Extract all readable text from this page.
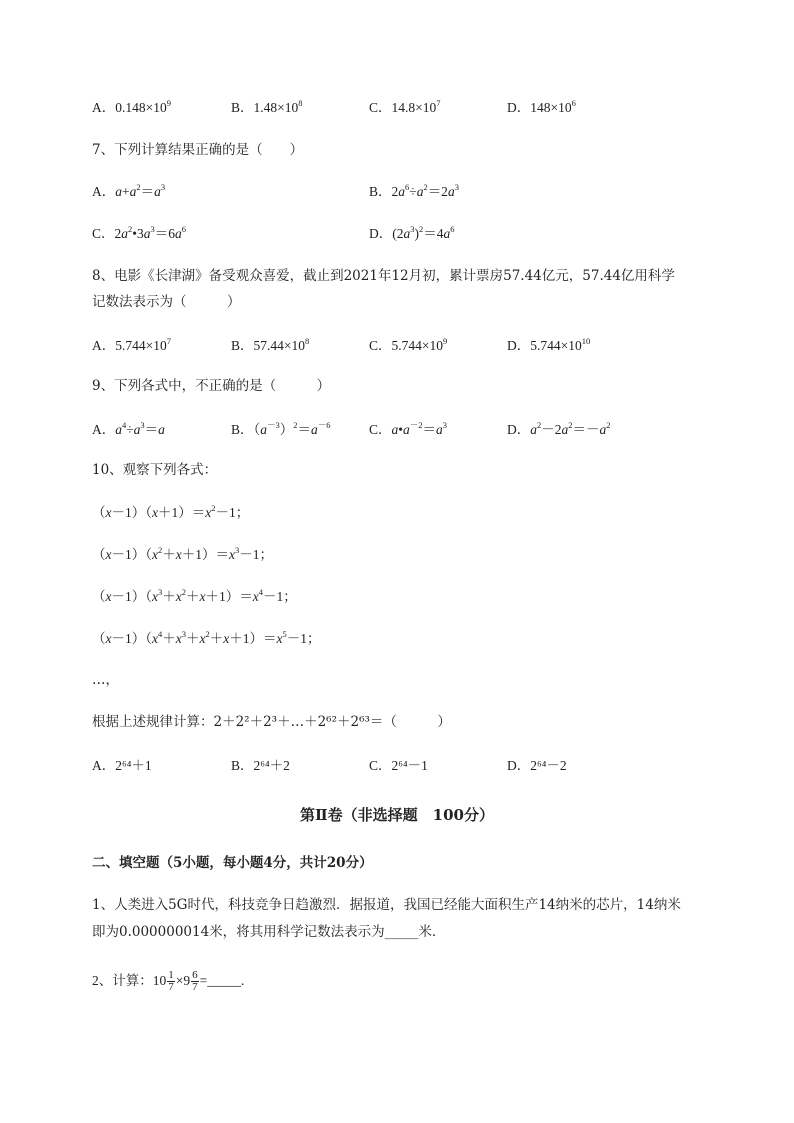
A．$0.148\times 10^9$	B．$1.48\times 10^8$	C．$14.8\times 10^7$	D．$148\times 10^6$
7、下列计算结果正确的是（　　）
A．$a+a^2=a^3$	B．$2a^6\div a^2=2a^3$
C．$2a^2•3a^3=6a^6$	D．$(2a^3)^2=4a^6$
8、电影《长津湖》备受观众喜爱，截止到2021年12月初，累计票房57.44亿元，57.44亿用科学
记数法表示为（　　　）
A．$5.744\times 10^7$	B．$57.44\times 10^8$	C．$5.744\times 10^9$	D．$5.744\times 10^{10}$
9、下列各式中，不正确的是（　　　）
A．$a^4\div a^3=a$	B．$(a^{-3})^2=a^{-6}$	C．$a•a^{-2}=a^3$	D．$a^2-2a^2=-a^2$
10、观察下列各式：
$(x-1)(x+1)=x^2-1$；
$(x-1)(x^2+x+1)=x^3-1$；
$(x-1)(x^3+x^2+x+1)=x^4-1$；
$(x-1)(x^4+x^3+x^2+x+1)=x^5-1$；
…，
根据上述规律计算：2＋2²＋2³＋…＋2⁶²＋2⁶³＝（　　　）
A．2⁶⁴＋1	B．2⁶⁴＋2	C．2⁶⁴－1	D．2⁶⁴－2
第Ⅱ卷（非选择题　100分）
二、填空题（5小题，每小题4分，共计20分）
1、人类进入5G时代，科技竞争日趋激烈．据报道，我国已经能大面积生产14纳米的芯片，14纳米
即为0.000000014米，将其用科学记数法表示为_____米．
2、计算：$10 \frac{1}{7} \times 9 \frac{6}{7}$ =_____.
